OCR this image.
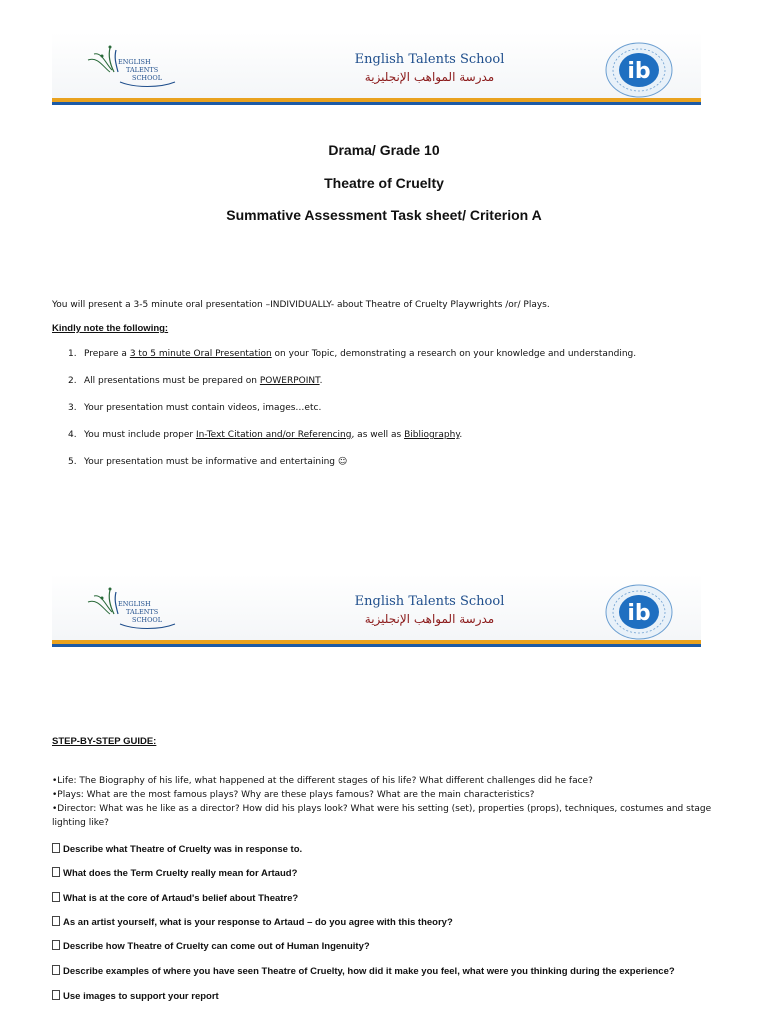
ENGLISH
TALENTS
SCHOOL
English Talents School
مدرسة المواهب الإنجليزية	ib
Drama/ Grade 10
Theatre of Cruelty
Summative Assessment Task sheet/ Criterion A
You will present a 3-5 minute oral presentation –INDIVIDUALLY- about Theatre of Cruelty Playwrights /or/ Plays.
Kindly note the following:
1. Prepare a 3 to 5 minute Oral Presentation on your Topic, demonstrating a research on your knowledge and understanding.
2. All presentations must be prepared on POWERPOINT.
3. Your presentation must contain videos, images…etc.
4. You must include proper In-Text Citation and/or Referencing, as well as Bibliography.
5. Your presentation must be informative and entertaining ☺
ENGLISH
TALENTS
SCHOOL
English Talents School
مدرسة المواهب الإنجليزية	ib
STEP-BY-STEP GUIDE:
•Life: The Biography of his life, what happened at the different stages of his life? What different challenges did he face?
•Plays: What are the most famous plays? Why are these plays famous? What are the main characteristics?
•Director: What was he like as a director? How did his plays look? What were his setting (set), properties (props), techniques, costumes and stage
lighting like?
Describe what Theatre of Cruelty was in response to.
What does the Term Cruelty really mean for Artaud?
What is at the core of Artaud's belief about Theatre?
As an artist yourself, what is your response to Artaud – do you agree with this theory?
Describe how Theatre of Cruelty can come out of Human Ingenuity?
Describe examples of where you have seen Theatre of Cruelty, how did it make you feel, what were you thinking during the experience?
Use images to support your report
